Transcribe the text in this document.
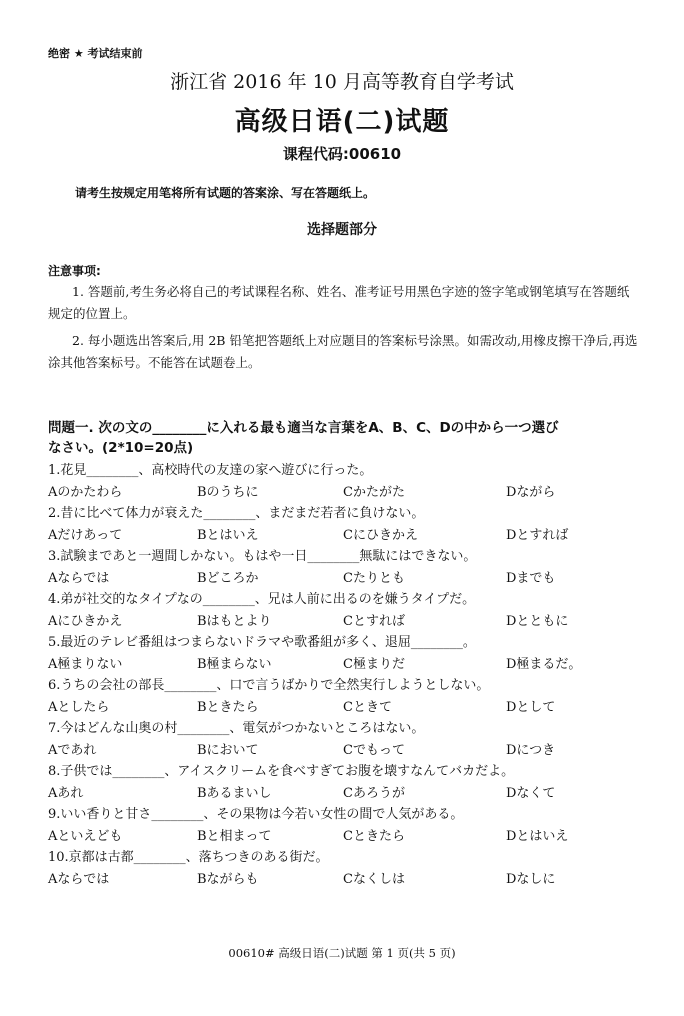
绝密 ★ 考试结束前
浙江省 2016 年 10 月高等教育自学考试
高级日语(二)试题
课程代码:00610
请考生按规定用笔将所有试题的答案涂、写在答题纸上。
选择题部分
注意事项:
1. 答题前,考生务必将自己的考试课程名称、姓名、准考证号用黑色字迹的签字笔或钢笔填写在答题纸规定的位置上。
2. 每小题选出答案后,用 2B 铅笔把答题纸上对应题目的答案标号涂黑。如需改动,用橡皮擦干净后,再选涂其他答案标号。不能答在试题卷上。
問題一. 次の文の________に入れる最も適当な言葉をA、B、C、Dの中から一つ選び
なさい。(2*10=20点)
1.花見________、高校時代の友達の家へ遊びに行った。
Aのかたわら	Bのうちに	Cかたがた	Dながら
2.昔に比べて体力が衰えた________、まだまだ若者に負けない。
Aだけあって	Bとはいえ	Cにひきかえ	Dとすれば
3.試験まであと一週間しかない。もはや一日________無駄にはできない。
Aならでは	Bどころか	Cたりとも	Dまでも
4.弟が社交的なタイプなの________、兄は人前に出るのを嫌うタイプだ。
Aにひきかえ	Bはもとより	Cとすれば	Dとともに
5.最近のテレビ番組はつまらないドラマや歌番組が多く、退屈________。
A極まりない	B極まらない	C極まりだ	D極まるだ。
6.うちの会社の部長________、口で言うばかりで全然実行しようとしない。
Aとしたら	Bときたら	Cときて	Dとして
7.今はどんな山奥の村________、電気がつかないところはない。
Aであれ	Bにおいて	Cでもって	Dにつき
8.子供では________、アイスクリームを食べすぎてお腹を壊すなんてバカだよ。
Aあれ	Bあるまいし	Cあろうが	Dなくて
9.いい香りと甘さ________、その果物は今若い女性の間で人気がある。
Aといえども	Bと相まって	Cときたら	Dとはいえ
10.京都は古都________、落ちつきのある街だ。
Aならでは	Bながらも	Cなくしは	Dなしに
00610# 高级日语(二)试题 第 1 页(共 5 页)
